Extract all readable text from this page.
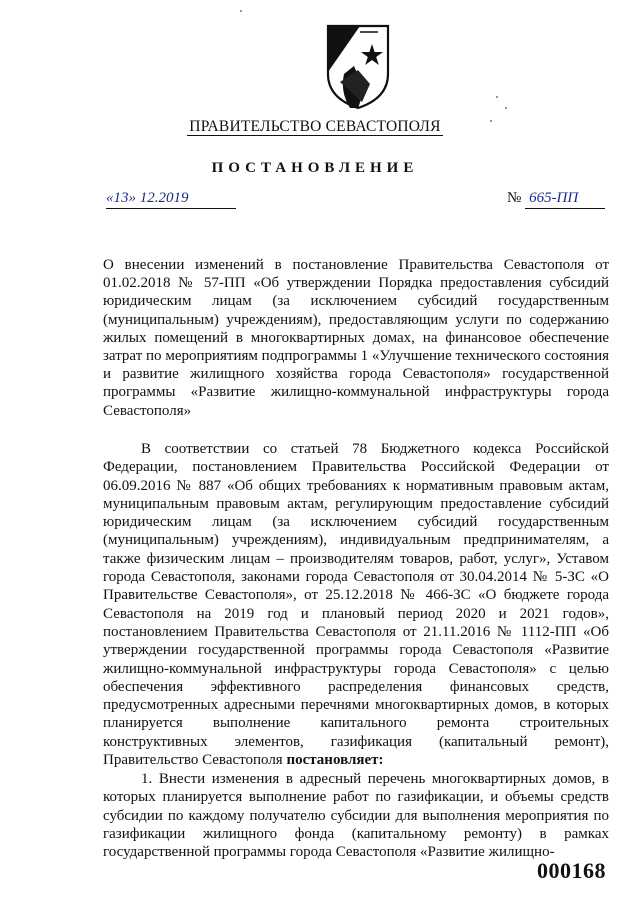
ПРАВИТЕЛЬСТВО СЕВАСТОПОЛЯ
ПОСТАНОВЛЕНИЕ
«13» 12.2019	№ 665-ПП
О внесении изменений в постановление Правительства Севастополя от 01.02.2018 № 57-ПП «Об утверждении Порядка предоставления субсидий юридическим лицам (за исключением субсидий государственным (муниципальным) учреждениям), предоставляющим услуги по содержанию жилых помещений в многоквартирных домах, на финансовое обеспечение затрат по мероприятиям подпрограммы 1 «Улучшение технического состояния и развитие жилищного хозяйства города Севастополя» государственной программы «Развитие жилищно-коммунальной инфраструктуры города Севастополя»
В соответствии со статьей 78 Бюджетного кодекса Российской Федерации, постановлением Правительства Российской Федерации от 06.09.2016 № 887 «Об общих требованиях к нормативным правовым актам, муниципальным правовым актам, регулирующим предоставление субсидий юридическим лицам (за исключением субсидий государственным (муниципальным) учреждениям), индивидуальным предпринимателям, а также физическим лицам – производителям товаров, работ, услуг», Уставом города Севастополя, законами города Севастополя от 30.04.2014 № 5-ЗС «О Правительстве Севастополя», от 25.12.2018 № 466-ЗС «О бюджете города Севастополя на 2019 год и плановый период 2020 и 2021 годов», постановлением Правительства Севастополя от 21.11.2016 № 1112-ПП «Об утверждении государственной программы города Севастополя «Развитие жилищно-коммунальной инфраструктуры города Севастополя» с целью обеспечения эффективного распределения финансовых средств, предусмотренных адресными перечнями многоквартирных домов, в которых планируется выполнение капитального ремонта строительных конструктивных элементов, газификация (капитальный ремонт), Правительство Севастополя постановляет:
1. Внести изменения в адресный перечень многоквартирных домов, в которых планируется выполнение работ по газификации, и объемы средств субсидии по каждому получателю субсидии для выполнения мероприятия по газификации жилищного фонда (капитальному ремонту) в рамках государственной программы города Севастополя «Развитие жилищно-
000168
